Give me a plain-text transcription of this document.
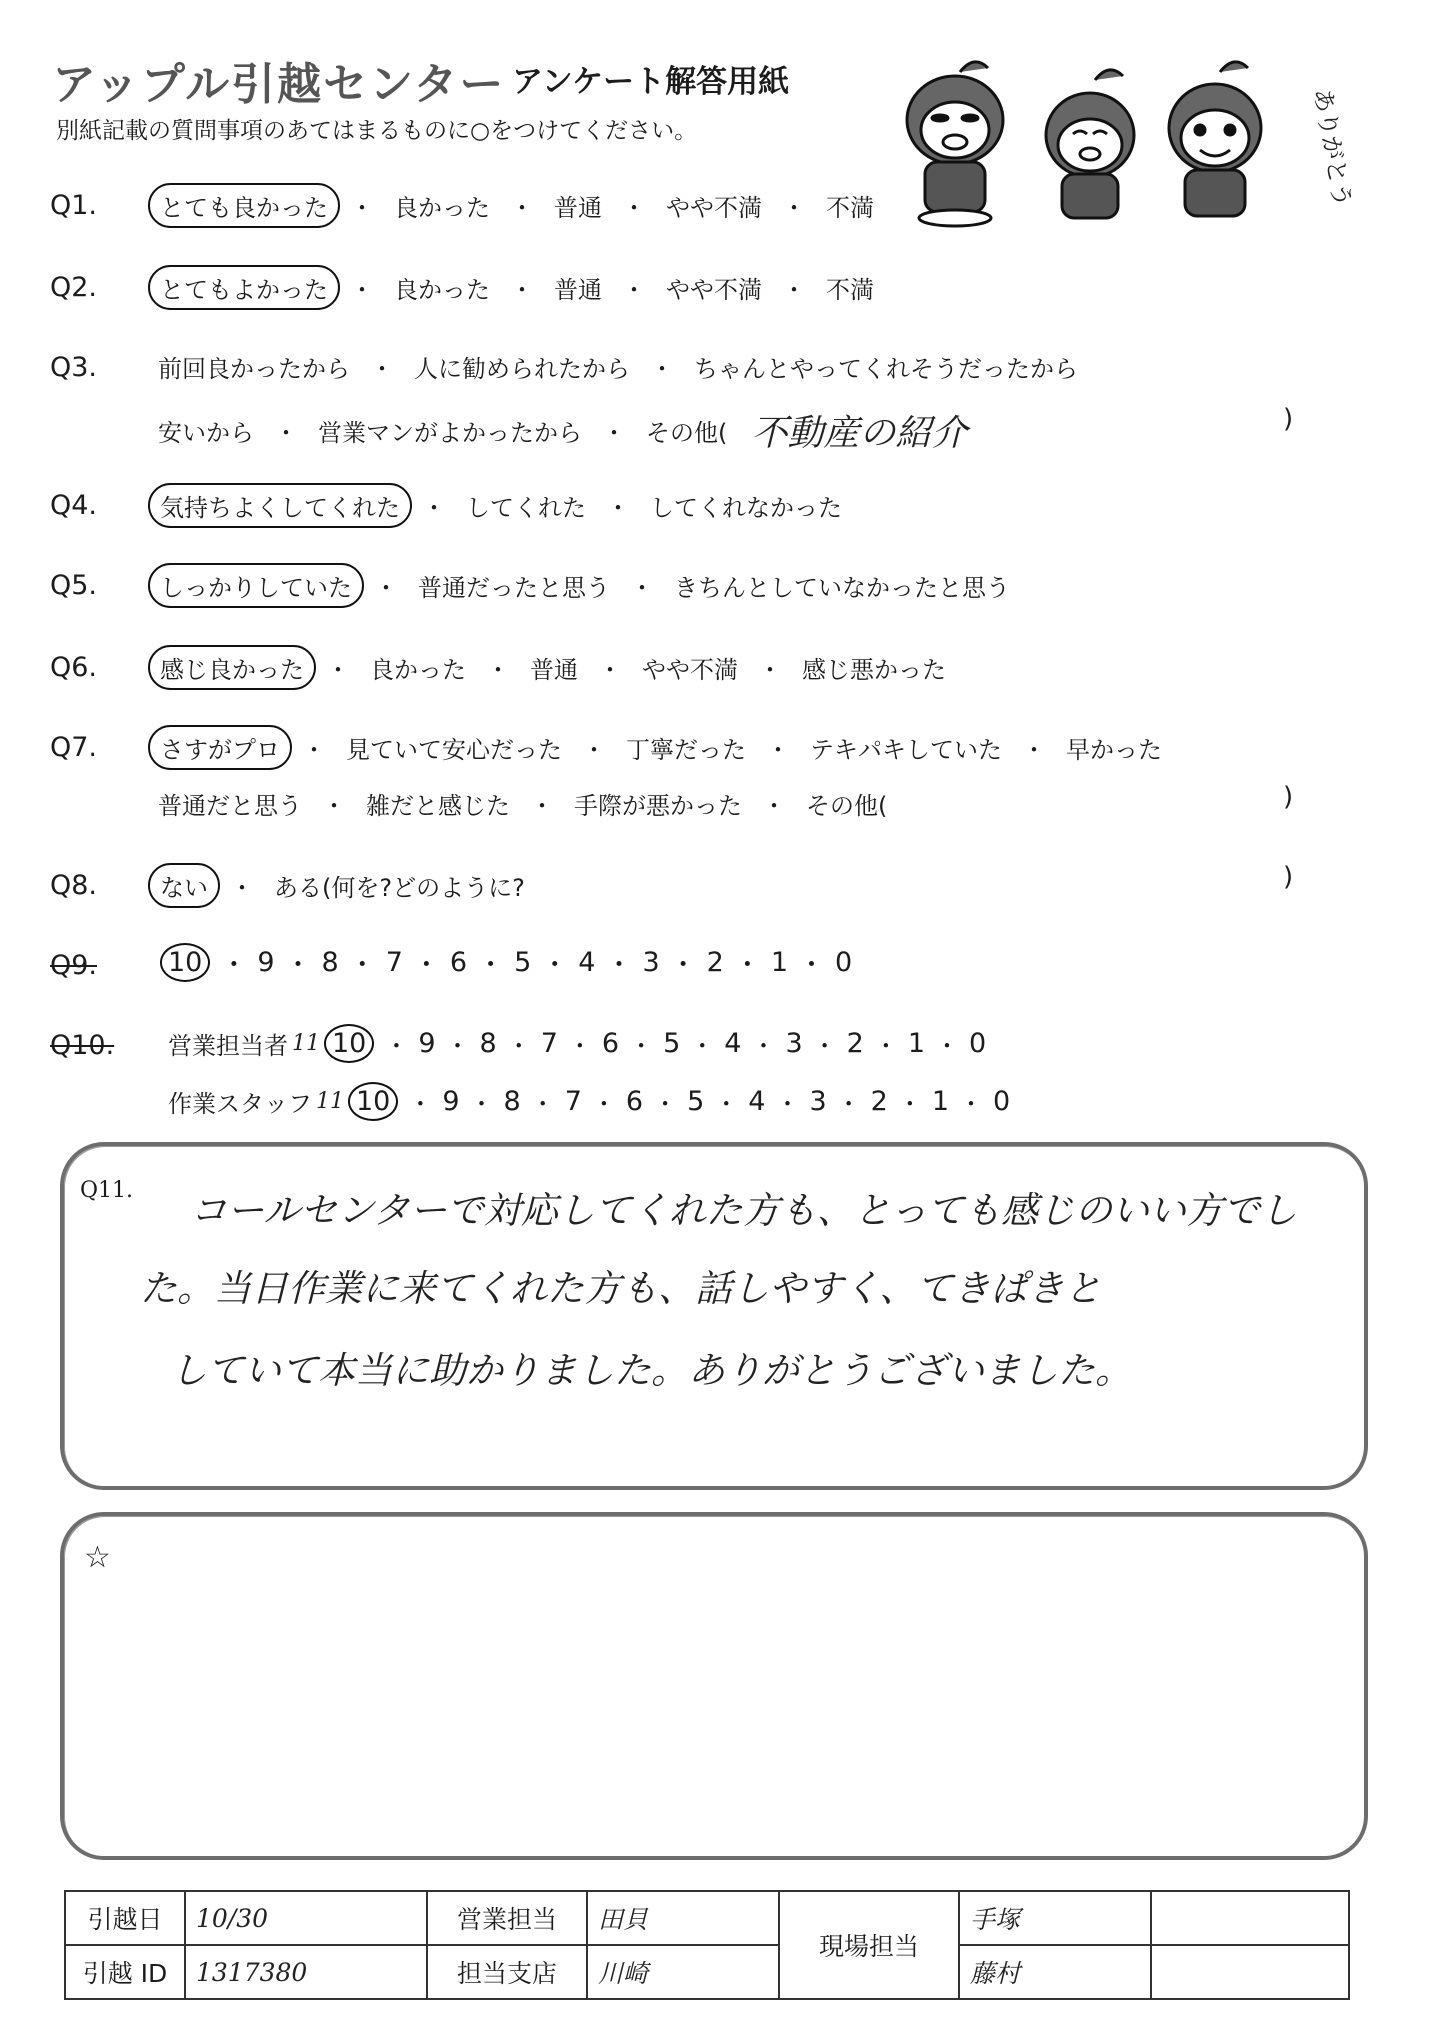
アップル引越センター アンケート解答用紙
別紙記載の質問事項のあてはまるものに○をつけてください。	ありがとう
Q1.	とても良かった ・ 良かった ・ 普通 ・ やや不満 ・ 不満
Q2.	とてもよかった ・ 良かった ・ 普通 ・ やや不満 ・ 不満
Q3.	前回良かったから ・ 人に勧められたから ・ ちゃんとやってくれそうだったから
安いから ・ 営業マンがよかったから ・ その他( 不動産の紹介	)
Q4.	気持ちよくしてくれた ・ してくれた ・ してくれなかった
Q5.	しっかりしていた ・ 普通だったと思う ・ きちんとしていなかったと思う
Q6.	感じ良かった ・ 良かった ・ 普通 ・ やや不満 ・ 感じ悪かった
Q7.	さすがプロ ・ 見ていて安心だった ・ 丁寧だった ・ テキパキしていた ・ 早かった
普通だと思う ・ 雑だと感じた ・ 手際が悪かった ・ その他(	)
Q8.	ない ・ ある(何を?どのように?	)
Q9.	10 ・ 9 ・ 8 ・ 7 ・ 6 ・ 5 ・ 4 ・ 3 ・ 2 ・ 1 ・ 0
Q10. 営業担当者 11 10 ・ 9 ・ 8 ・ 7 ・ 6 ・ 5 ・ 4 ・ 3 ・ 2 ・ 1 ・ 0
作業スタッフ 11 10 ・ 9 ・ 8 ・ 7 ・ 6 ・ 5 ・ 4 ・ 3 ・ 2 ・ 1 ・ 0
Q11. コールセンターで対応してくれた方も、とっても感じのいい方でし
た。当日作業に来てくれた方も、話しやすく、てきぱきと
していて本当に助かりました。ありがとうございました。
☆
引越日	10/30	営業担当	田貝	現場担当	手塚	
引越 ID	1317380	担当支店	川崎		藤村	
